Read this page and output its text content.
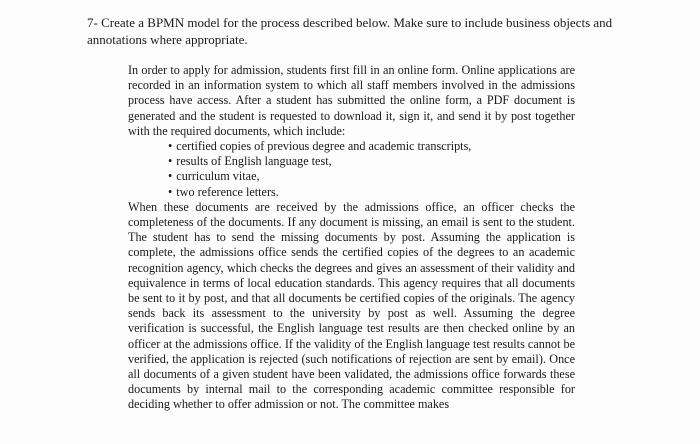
7- Create a BPMN model for the process described below. Make sure to include business objects and annotations where appropriate.

In order to apply for admission, students first fill in an online form. Online applications are recorded in an information system to which all staff members involved in the admissions process have access. After a student has submitted the online form, a PDF document is generated and the student is requested to download it, sign it, and send it by post together with the required documents, which include:

• certified copies of previous degree and academic transcripts,
• results of English language test,
• curriculum vitae,
• two reference letters.

When these documents are received by the admissions office, an officer checks the completeness of the documents. If any document is missing, an email is sent to the student. The student has to send the missing documents by post. Assuming the application is complete, the admissions office sends the certified copies of the degrees to an academic recognition agency, which checks the degrees and gives an assessment of their validity and equivalence in terms of local education standards. This agency requires that all documents be sent to it by post, and that all documents be certified copies of the originals. The agency sends back its assessment to the university by post as well. Assuming the degree verification is successful, the English language test results are then checked online by an officer at the admissions office. If the validity of the English language test results cannot be verified, the application is rejected (such notifications of rejection are sent by email). Once all documents of a given student have been validated, the admissions office forwards these documents by internal mail to the corresponding academic committee responsible for deciding whether to offer admission or not. The committee makes
